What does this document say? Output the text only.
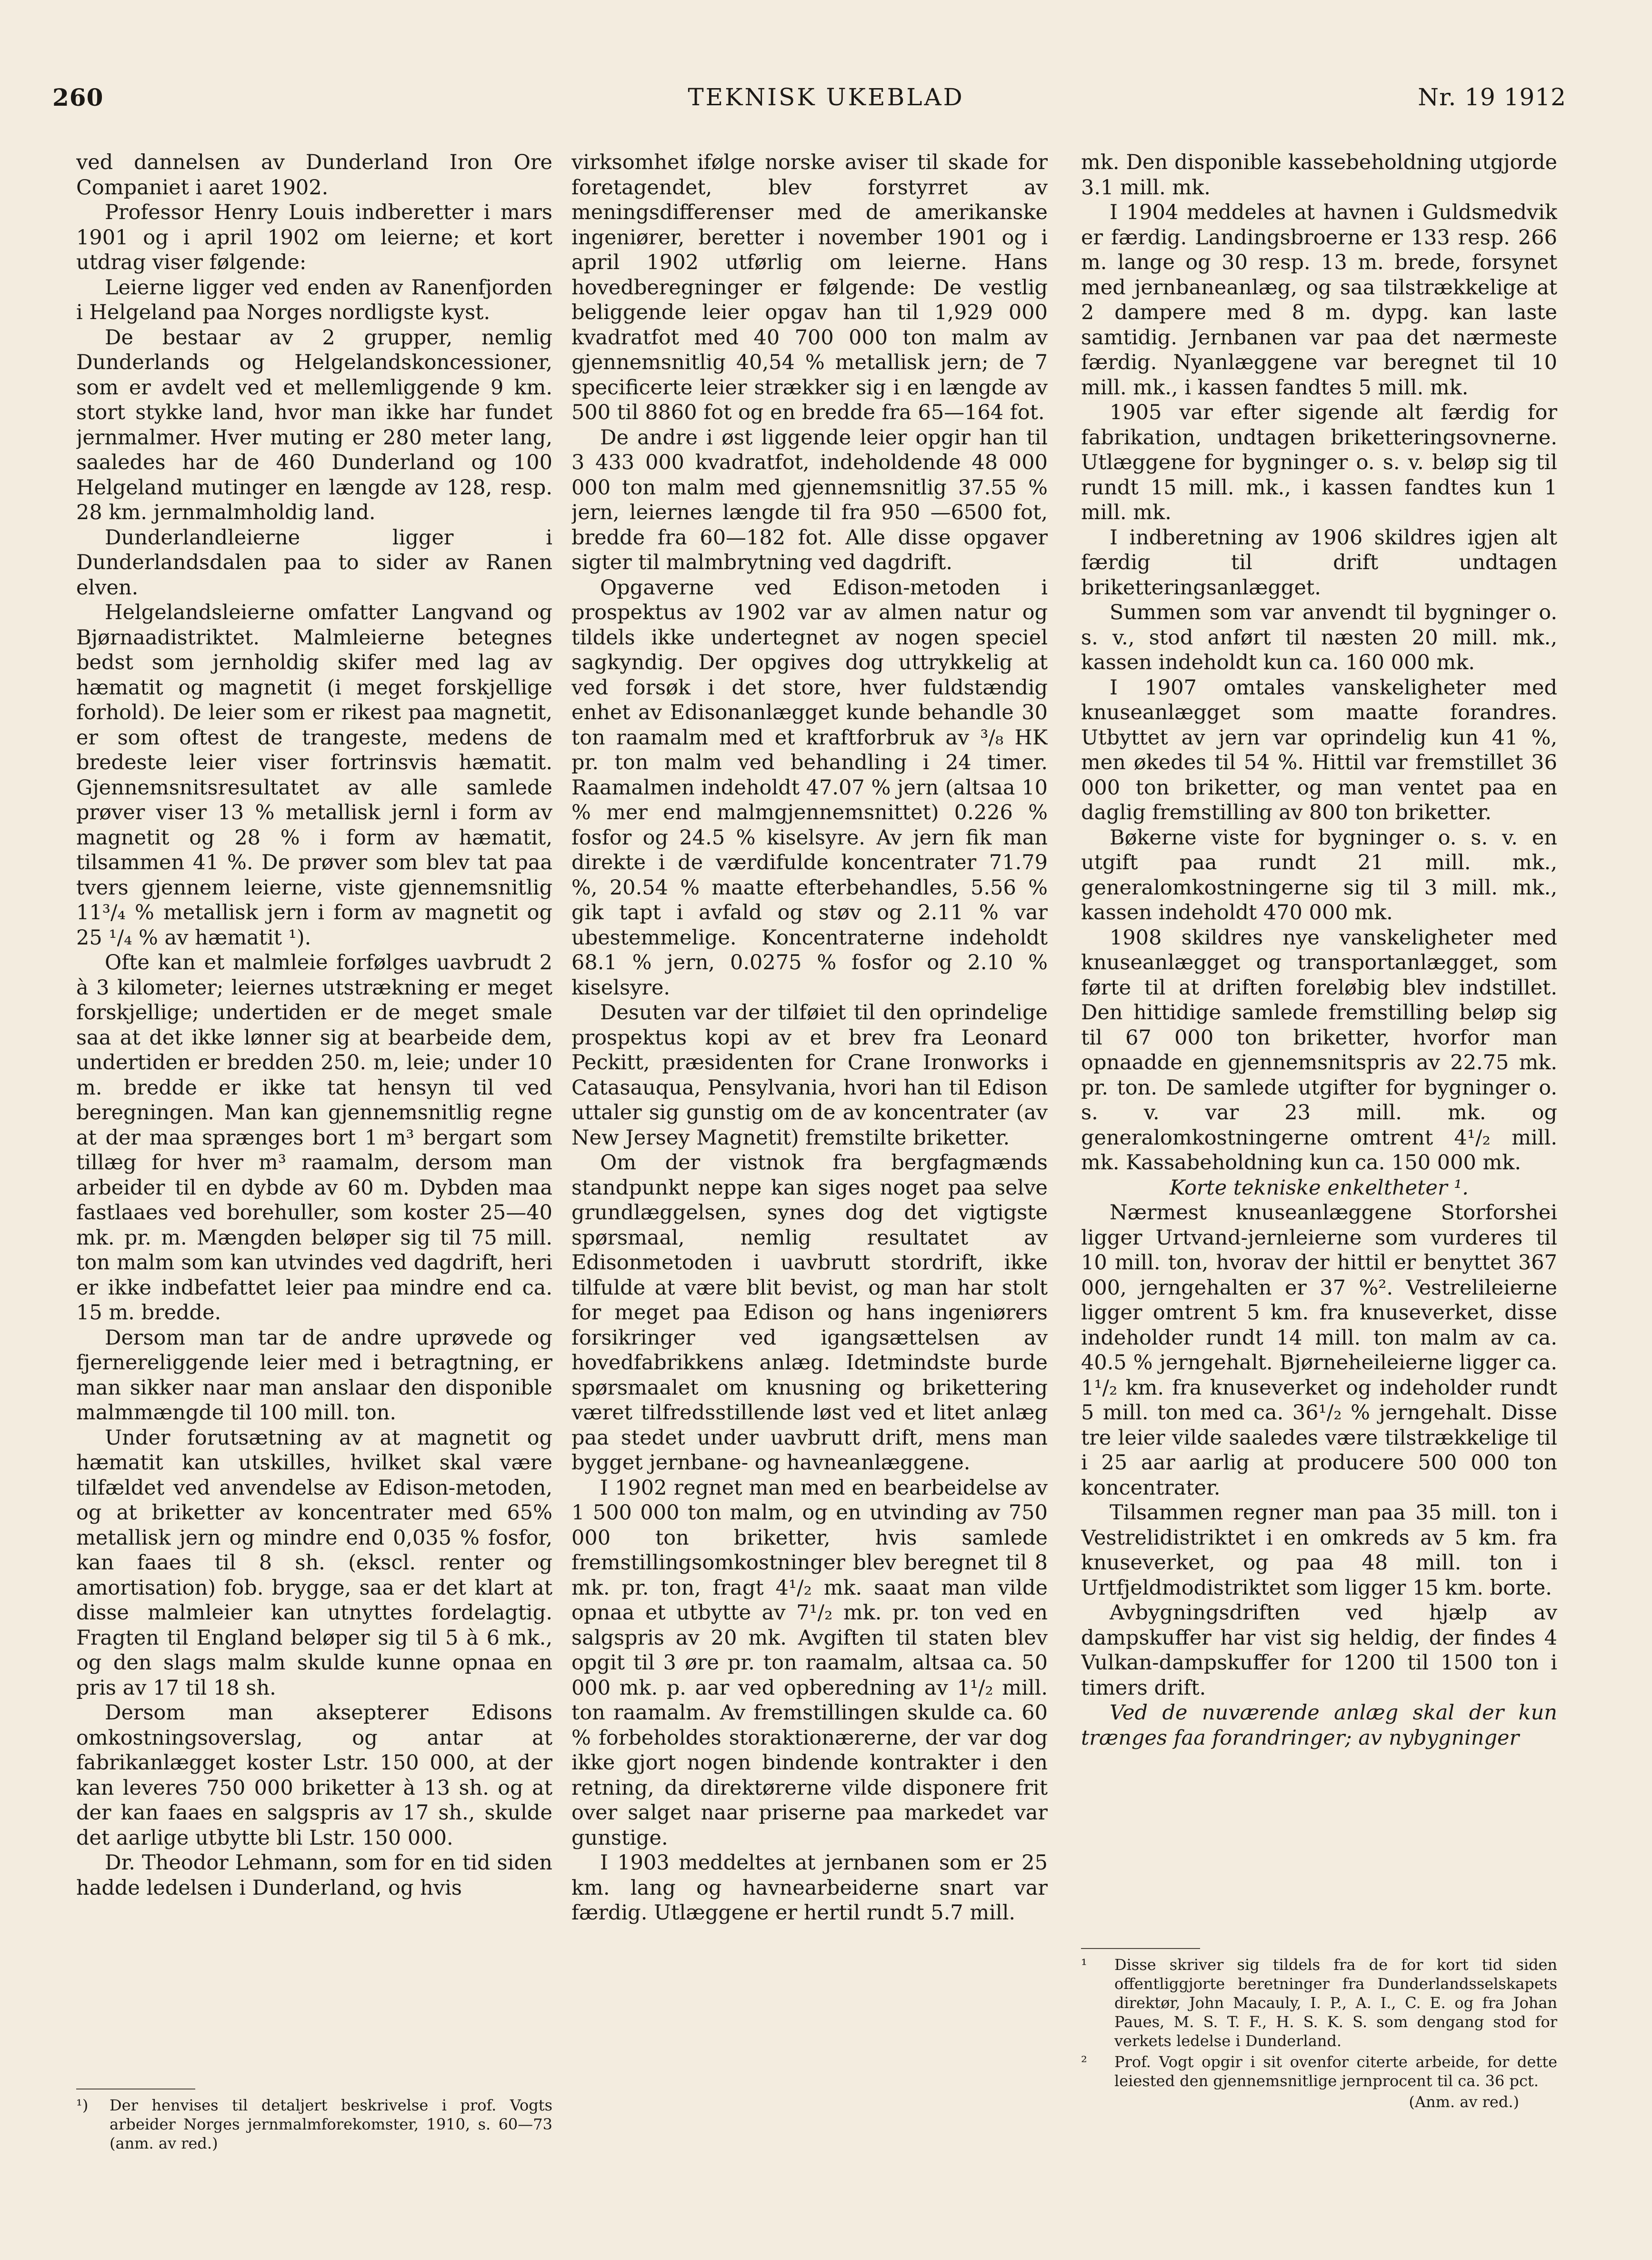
260	TEKNISK UKEBLAD	Nr. 19 1912

ved dannelsen av Dunderland Iron Ore Companiet i aaret 1902.

Professor Henry Louis indberetter i mars 1901 og i april 1902 om leierne; et kort utdrag viser følgende:

Leierne ligger ved enden av Ranenfjorden i Helgeland paa Norges nordligste kyst.

De bestaar av 2 grupper, nemlig Dunderlands og Helgelandskoncessioner, som er avdelt ved et mellemliggende 9 km. stort stykke land, hvor man ikke har fundet jernmalmer. Hver muting er 280 meter lang, saaledes har de 460 Dunderland og 100 Helgeland mutinger en længde av 128, resp. 28 km. jernmalmholdig land.

Dunderlandleierne ligger i Dunderlandsdalen paa to sider av Ranen elven.

Helgelandsleierne omfatter Langvand og Bjørnaadistriktet. Malmleierne betegnes bedst som jernholdig skifer med lag av hæmatit og magnetit (i meget forskjellige forhold). De leier som er rikest paa magnetit, er som oftest de trangeste, medens de bredeste leier viser fortrinsvis hæmatit. Gjennemsnitsresultatet av alle samlede prøver viser 13 % metallisk jernl i form av magnetit og 28 % i form av hæmatit, tilsammen 41 %. De prøver som blev tat paa tvers gjennem leierne, viste gjennemsnitlig 11³/₄ % metallisk jern i form av magnetit og 25 ¹/₄ % av hæmatit ¹).

Ofte kan et malmleie forfølges uavbrudt 2 à 3 kilometer; leiernes utstrækning er meget forskjellige; undertiden er de meget smale saa at det ikke lønner sig at bearbeide dem, undertiden er bredden 250. m, leie; under 10 m. bredde er ikke tat hensyn til ved beregningen. Man kan gjennemsnitlig regne at der maa sprænges bort 1 m³ bergart som tillæg for hver m³ raamalm, dersom man arbeider til en dybde av 60 m. Dybden maa fastlaaes ved borehuller, som koster 25—40 mk. pr. m. Mængden beløper sig til 75 mill. ton malm som kan utvindes ved dagdrift, heri er ikke indbefattet leier paa mindre end ca. 15 m. bredde.

Dersom man tar de andre uprøvede og fjernereliggende leier med i betragtning, er man sikker naar man anslaar den disponible malmmængde til 100 mill. ton.

Under forutsætning av at magnetit og hæmatit kan utskilles, hvilket skal være tilfældet ved anvendelse av Edison-metoden, og at briketter av koncentrater med 65% metallisk jern og mindre end 0,035 % fosfor, kan faaes til 8 sh. (ekscl. renter og amortisation) fob. brygge, saa er det klart at disse malmleier kan utnyttes fordelagtig. Fragten til England beløper sig til 5 à 6 mk., og den slags malm skulde kunne opnaa en pris av 17 til 18 sh.

Dersom man aksepterer Edisons omkostningsoverslag, og antar at fabrikanlægget koster Lstr. 150 000, at der kan leveres 750 000 briketter à 13 sh. og at der kan faaes en salgspris av 17 sh., skulde det aarlige utbytte bli Lstr. 150 000.

Dr. Theodor Lehmann, som for en tid siden hadde ledelsen i Dunderland, og hvis

virksomhet ifølge norske aviser til skade for foretagendet, blev forstyrret av meningsdifferenser med de amerikanske ingeniører, beretter i november 1901 og i april 1902 utførlig om leierne. Hans hovedberegninger er følgende: De vestlig beliggende leier opgav han til 1,929 000 kvadratfot med 40 700 000 ton malm av gjennemsnitlig 40,54 % metallisk jern; de 7 specificerte leier strækker sig i en længde av 500 til 8860 fot og en bredde fra 65—164 fot.

De andre i øst liggende leier opgir han til 3 433 000 kvadratfot, indeholdende 48 000 000 ton malm med gjennemsnitlig 37.55 % jern, leiernes længde til fra 950 —6500 fot, bredde fra 60—182 fot. Alle disse opgaver sigter til malmbrytning ved dagdrift.

Opgaverne ved Edison-metoden i prospektus av 1902 var av almen natur og tildels ikke undertegnet av nogen speciel sagkyndig. Der opgives dog uttrykkelig at ved forsøk i det store, hver fuldstændig enhet av Edisonanlægget kunde behandle 30 ton raamalm med et kraftforbruk av ³/₈ HK pr. ton malm ved behandling i 24 timer. Raamalmen indeholdt 47.07 % jern (altsaa 10 % mer end malmgjennemsnittet) 0.226 % fosfor og 24.5 % kiselsyre. Av jern fik man direkte i de værdifulde koncentrater 71.79 %, 20.54 % maatte efterbehandles, 5.56 % gik tapt i avfald og støv og 2.11 % var ubestemmelige. Koncentraterne indeholdt 68.1 % jern, 0.0275 % fosfor og 2.10 % kiselsyre.

Desuten var der tilføiet til den oprindelige prospektus kopi av et brev fra Leonard Peckitt, præsidenten for Crane Ironworks i Catasauqua, Pensylvania, hvori han til Edison uttaler sig gunstig om de av koncentrater (av New Jersey Magnetit) fremstilte briketter.

Om der vistnok fra bergfagmænds standpunkt neppe kan siges noget paa selve grundlæggelsen, synes dog det vigtigste spørsmaal, nemlig resultatet av Edisonmetoden i uavbrutt stordrift, ikke tilfulde at være blit bevist, og man har stolt for meget paa Edison og hans ingeniørers forsikringer ved igangsættelsen av hovedfabrikkens anlæg. Idetmindste burde spørsmaalet om knusning og brikettering været tilfredsstillende løst ved et litet anlæg paa stedet under uavbrutt drift, mens man bygget jernbane- og havneanlæggene.

I 1902 regnet man med en bearbeidelse av 1 500 000 ton malm, og en utvinding av 750 000 ton briketter, hvis samlede fremstillingsomkostninger blev beregnet til 8 mk. pr. ton, fragt 4¹/₂ mk. saaat man vilde opnaa et utbytte av 7¹/₂ mk. pr. ton ved en salgspris av 20 mk. Avgiften til staten blev opgit til 3 øre pr. ton raamalm, altsaa ca. 50 000 mk. p. aar ved opberedning av 1¹/₂ mill. ton raamalm. Av fremstillingen skulde ca. 60 % forbeholdes storaktionærerne, der var dog ikke gjort nogen bindende kontrakter i den retning, da direktørerne vilde disponere frit over salget naar priserne paa markedet var gunstige.

I 1903 meddeltes at jernbanen som er 25 km. lang og havnearbeiderne snart var færdig. Utlæggene er hertil rundt 5.7 mill.

mk. Den disponible kassebeholdning utgjorde 3.1 mill. mk.

I 1904 meddeles at havnen i Guldsmedvik er færdig. Landingsbroerne er 133 resp. 266 m. lange og 30 resp. 13 m. brede, forsynet med jernbaneanlæg, og saa tilstrækkelige at 2 dampere med 8 m. dypg. kan laste samtidig. Jernbanen var paa det nærmeste færdig. Nyanlæggene var beregnet til 10 mill. mk., i kassen fandtes 5 mill. mk.

1905 var efter sigende alt færdig for fabrikation, undtagen briketteringsovnerne. Utlæggene for bygninger o. s. v. beløp sig til rundt 15 mill. mk., i kassen fandtes kun 1 mill. mk.

I indberetning av 1906 skildres igjen alt færdig til drift undtagen briketteringsanlægget.

Summen som var anvendt til bygninger o. s. v., stod anført til næsten 20 mill. mk., kassen indeholdt kun ca. 160 000 mk.

I 1907 omtales vanskeligheter med knuseanlægget som maatte forandres. Utbyttet av jern var oprindelig kun 41 %, men økedes til 54 %. Hittil var fremstillet 36 000 ton briketter, og man ventet paa en daglig fremstilling av 800 ton briketter.

Bøkerne viste for bygninger o. s. v. en utgift paa rundt 21 mill. mk., generalomkostningerne sig til 3 mill. mk., kassen indeholdt 470 000 mk.

1908 skildres nye vanskeligheter med knuseanlægget og transportanlægget, som førte til at driften foreløbig blev indstillet. Den hittidige samlede fremstilling beløp sig til 67 000 ton briketter, hvorfor man opnaadde en gjennemsnitspris av 22.75 mk. pr. ton. De samlede utgifter for bygninger o. s. v. var 23 mill. mk. og generalomkostningerne omtrent 4¹/₂ mill. mk. Kassabeholdning kun ca. 150 000 mk.

Korte tekniske enkeltheter ¹.

Nærmest knuseanlæggene Storforshei ligger Urtvand-jernleierne som vurderes til 10 mill. ton, hvorav der hittil er benyttet 367 000, jerngehalten er 37 %². Vestrelileierne ligger omtrent 5 km. fra knuseverket, disse indeholder rundt 14 mill. ton malm av ca. 40.5 % jerngehalt. Bjørneheileierne ligger ca. 1¹/₂ km. fra knuseverket og indeholder rundt 5 mill. ton med ca. 36¹/₂ % jerngehalt. Disse tre leier vilde saaledes være tilstrækkelige til i 25 aar aarlig at producere 500 000 ton koncentrater.

Tilsammen regner man paa 35 mill. ton i Vestrelidistriktet i en omkreds av 5 km. fra knuseverket, og paa 48 mill. ton i Urtfjeldmodistriktet som ligger 15 km. borte.

Avbygningsdriften ved hjælp av dampskuffer har vist sig heldig, der findes 4 Vulkan-dampskuffer for 1200 til 1500 ton i timers drift.

Ved de nuværende anlæg skal der kun trænges faa forandringer; av nybygninger

¹)	Der henvises til detaljert beskrivelse i prof. Vogts arbeider Norges jernmalmforekomster, 1910, s. 60—73 (anm. av red.)
¹	Disse skriver sig tildels fra de for kort tid siden offentliggjorte beretninger fra Dunderlandsselskapets direktør, John Macauly, I. P., A. I., C. E. og fra Johan Paues, M. S. T. F., H. S. K. S. som dengang stod for verkets ledelse i Dunderland.
²	Prof. Vogt opgir i sit ovenfor citerte arbeide, for dette leiested den gjennemsnitlige jernprocent til ca. 36 pct.
(Anm. av red.)
